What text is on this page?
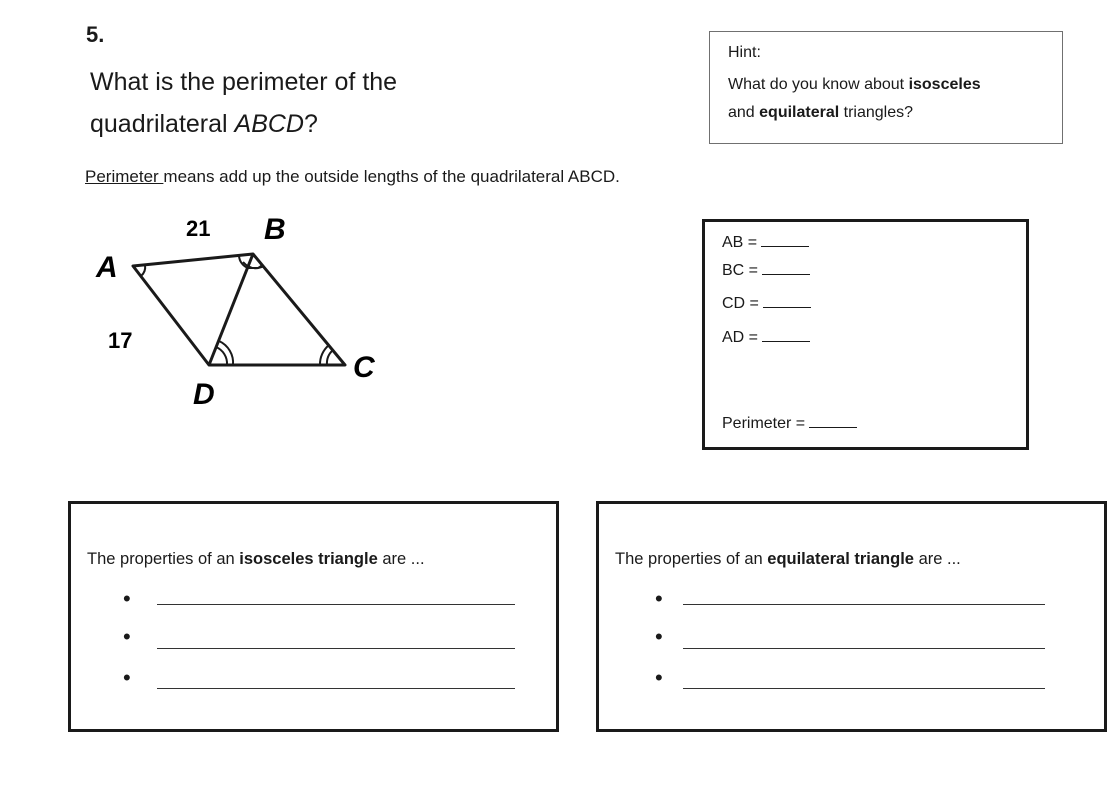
5.
What is the perimeter of the
quadrilateral ABCD?
Hint:
What do you know about isosceles
and equilateral triangles?
Perimeter means add up the outside lengths of the quadrilateral ABCD.
21
17
A
B
C
D
AB =
BC =
CD =
AD =
Perimeter =
The properties of an isosceles triangle are ...
•
•
•
The properties of an equilateral triangle are ...
•
•
•
